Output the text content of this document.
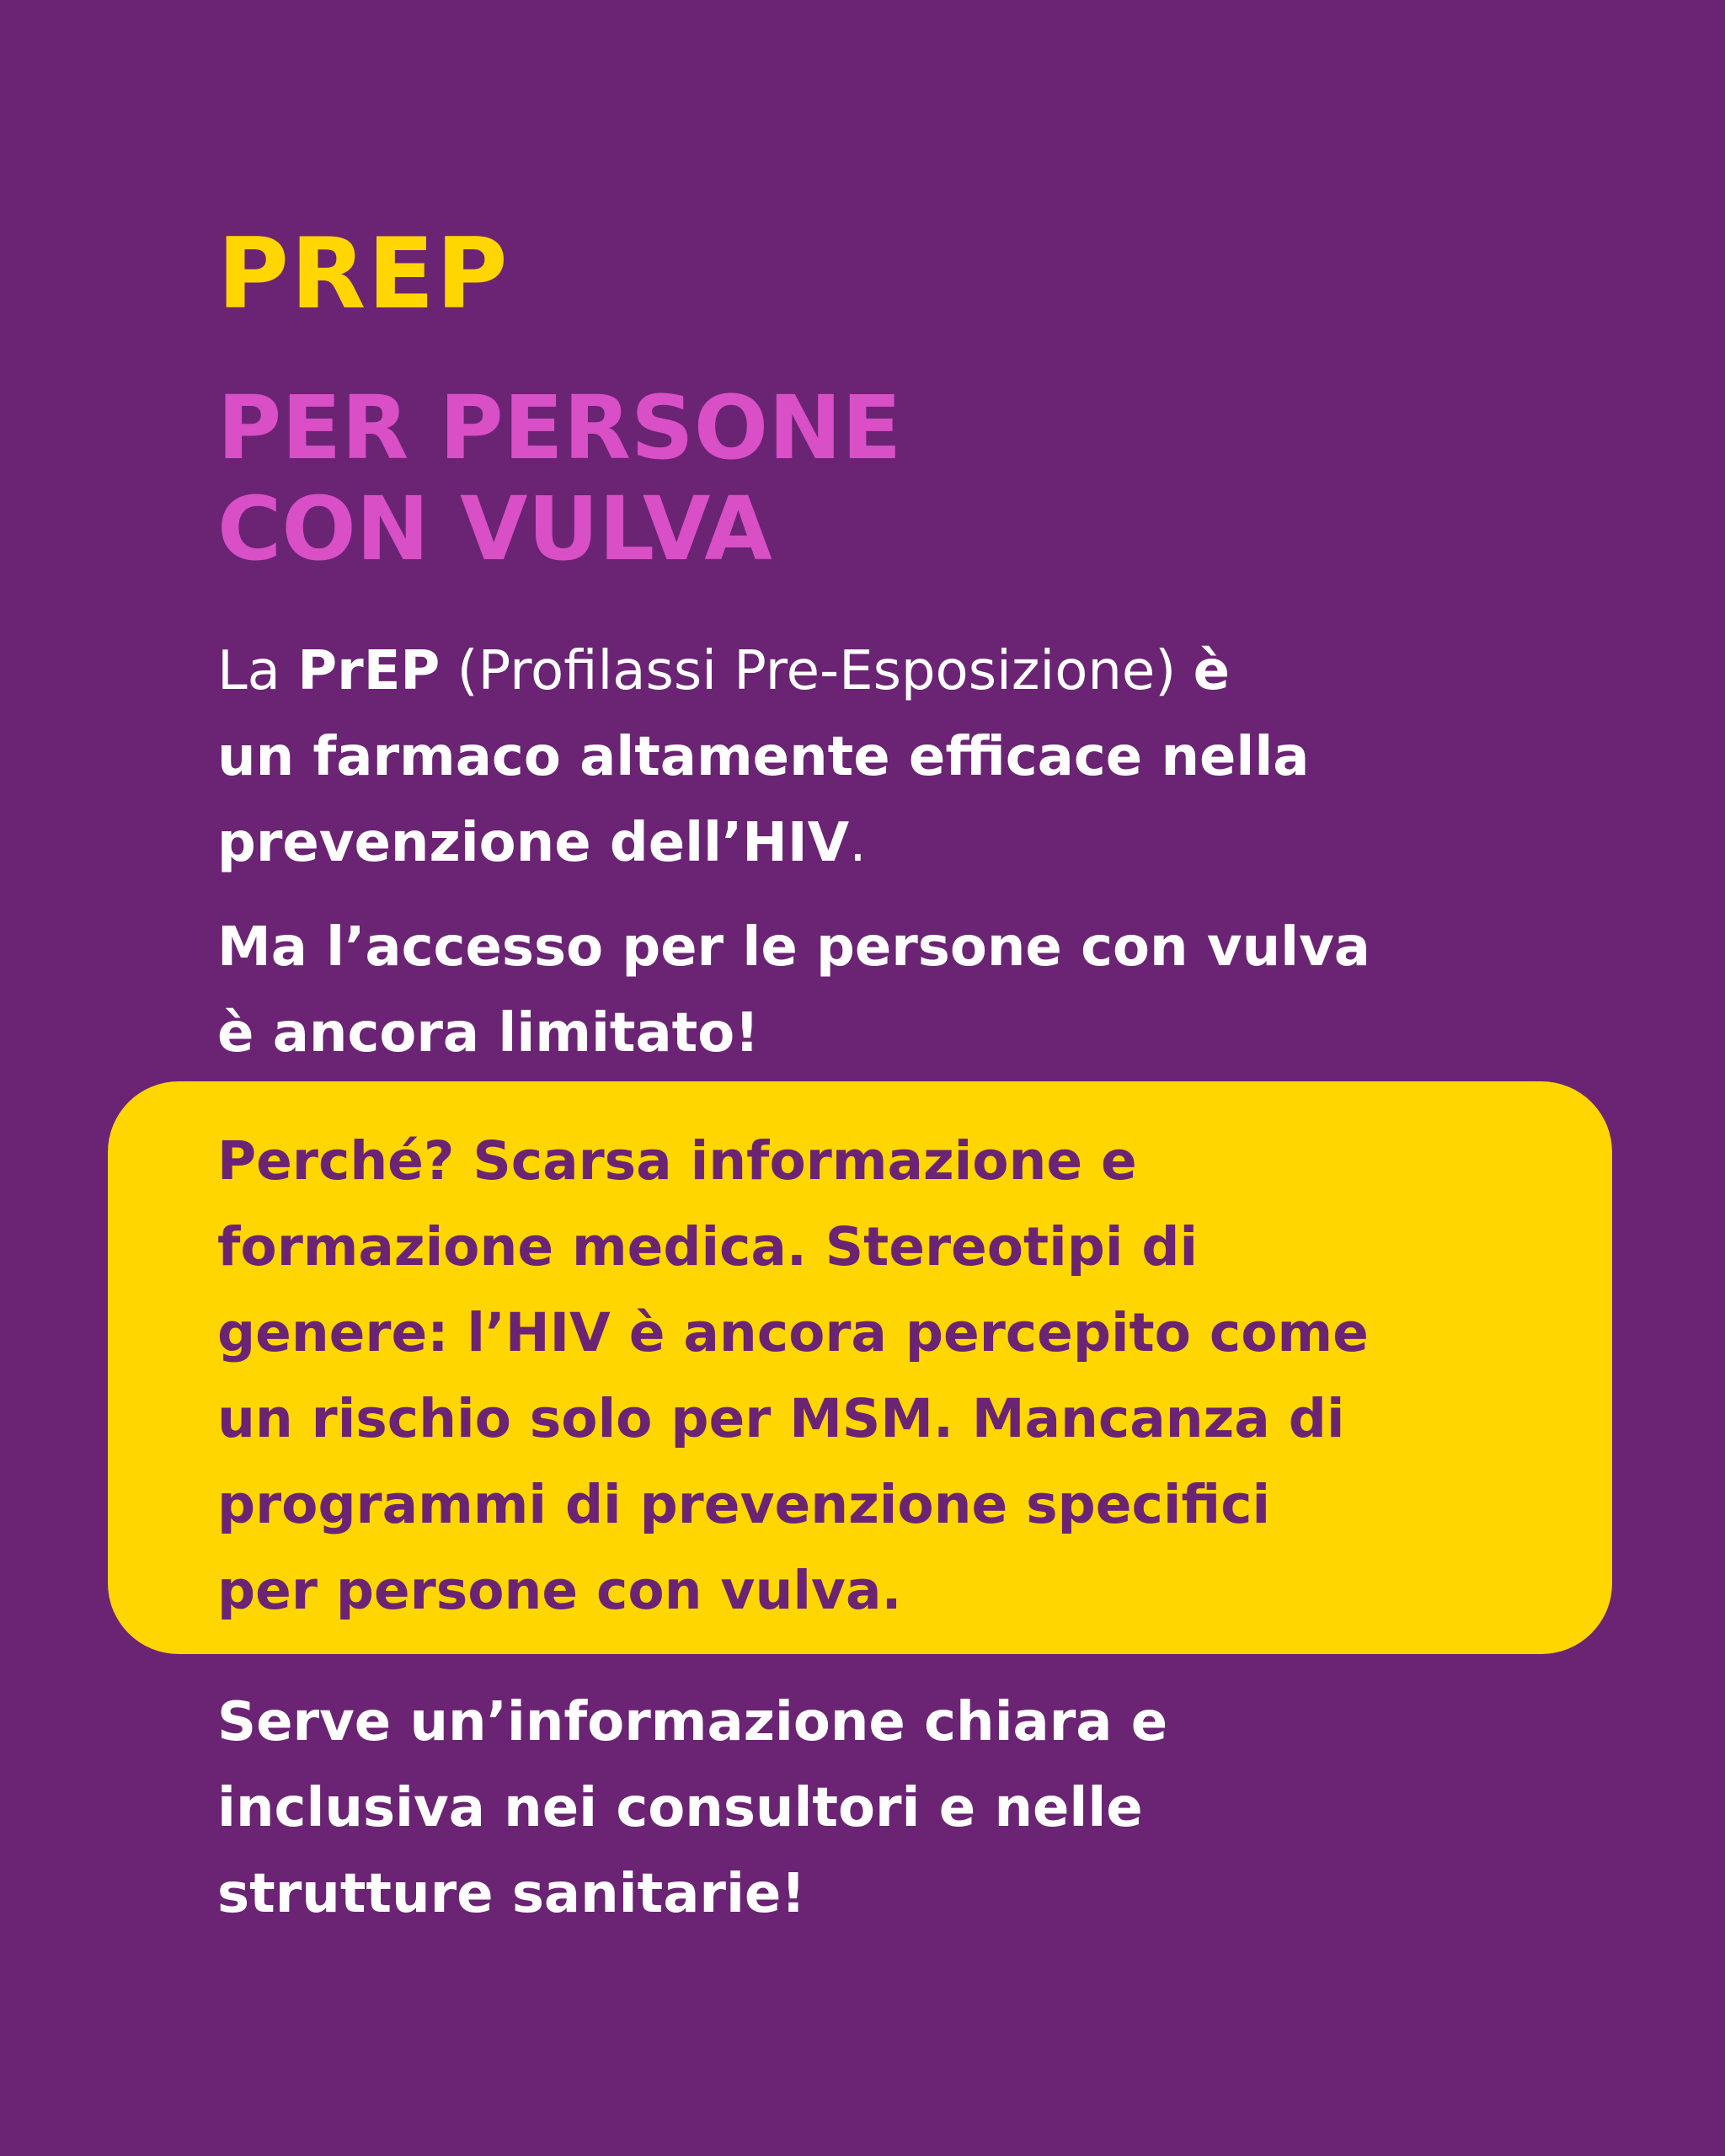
PREP
PER PERSONE
CON VULVA

La PrEP (Profilassi Pre-Esposizione) è
un farmaco altamente efficace nella
prevenzione dell’HIV.

Ma l’accesso per le persone con vulva
è ancora limitato!

Perché? Scarsa informazione e
formazione medica. Stereotipi di
genere: l’HIV è ancora percepito come
un rischio solo per MSM. Mancanza di
programmi di prevenzione specifici
per persone con vulva.

Serve un’informazione chiara e
inclusiva nei consultori e nelle
strutture sanitarie!
